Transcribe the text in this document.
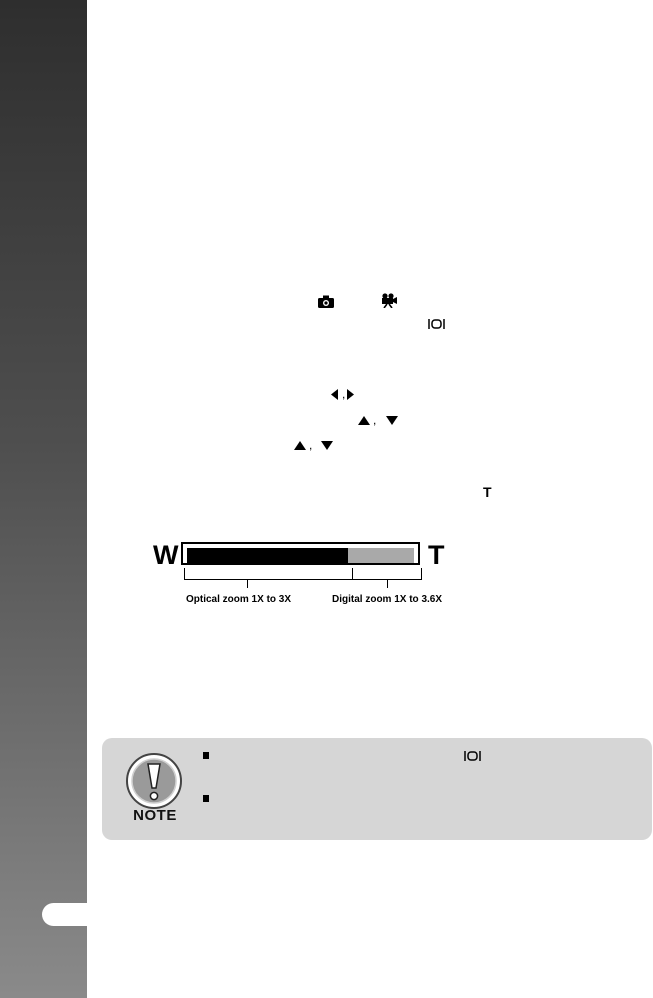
,
,
,
T
W	T
Optical zoom 1X to 3X	Digital zoom 1X to 3.6X
NOTE
